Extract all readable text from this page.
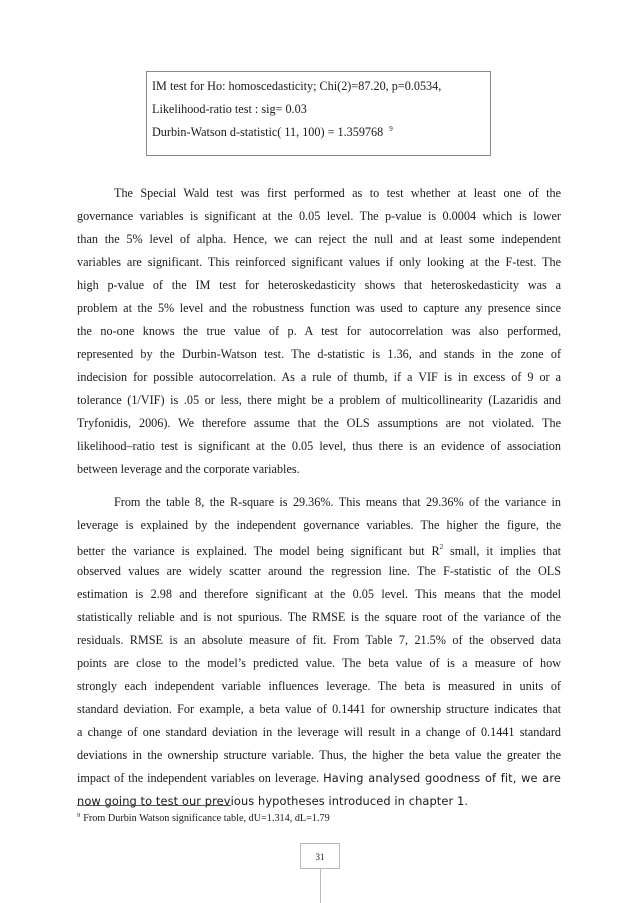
IM test for Ho: homoscedasticity; Chi(2)=87.20, p=0.0534,
Likelihood-ratio test : sig= 0.03
Durbin-Watson d-statistic( 11, 100) = 1.359768 $^9$
The Special Wald test was first performed as to test whether at least one of the
governance variables is significant at the 0.05 level. The p-value is 0.0004 which is lower
than the 5% level of alpha. Hence, we can reject the null and at least some independent
variables are significant. This reinforced significant values if only looking at the F-test. The
high p-value of the IM test for heteroskedasticity shows that heteroskedasticity was a
problem at the 5% level and the robustness function was used to capture any presence since
the no-one knows the true value of p. A test for autocorrelation was also performed,
represented by the Durbin-Watson test. The d-statistic is 1.36, and stands in the zone of
indecision for possible autocorrelation. As a rule of thumb, if a VIF is in excess of 9 or a
tolerance (1/VIF) is .05 or less, there might be a problem of multicollinearity (Lazaridis and
Tryfonidis, 2006). We therefore assume that the OLS assumptions are not violated. The
likelihood–ratio test is significant at the 0.05 level, thus there is an evidence of association
between leverage and the corporate variables.
From the table 8, the R-square is 29.36%. This means that 29.36% of the variance in
leverage is explained by the independent governance variables. The higher the figure, the
better the variance is explained. The model being significant but $R^2$ small, it implies that
observed values are widely scatter around the regression line. The F-statistic of the OLS
estimation is 2.98 and therefore significant at the 0.05 level. This means that the model
statistically reliable and is not spurious. The RMSE is the square root of the variance of the
residuals. RMSE is an absolute measure of fit. From Table 7, 21.5% of the observed data
points are close to the model’s predicted value. The beta value of is a measure of how
strongly each independent variable influences leverage. The beta is measured in units of
standard deviation. For example, a beta value of 0.1441 for ownership structure indicates that
a change of one standard deviation in the leverage will result in a change of 0.1441 standard
deviations in the ownership structure variable. Thus, the higher the beta value the greater the
impact of the independent variables on leverage. Having analysed goodness of fit, we are
now going to test our previous hypotheses introduced in chapter 1.
$^9$ From Durbin Watson significance table, dU=1.314, dL=1.79
31
